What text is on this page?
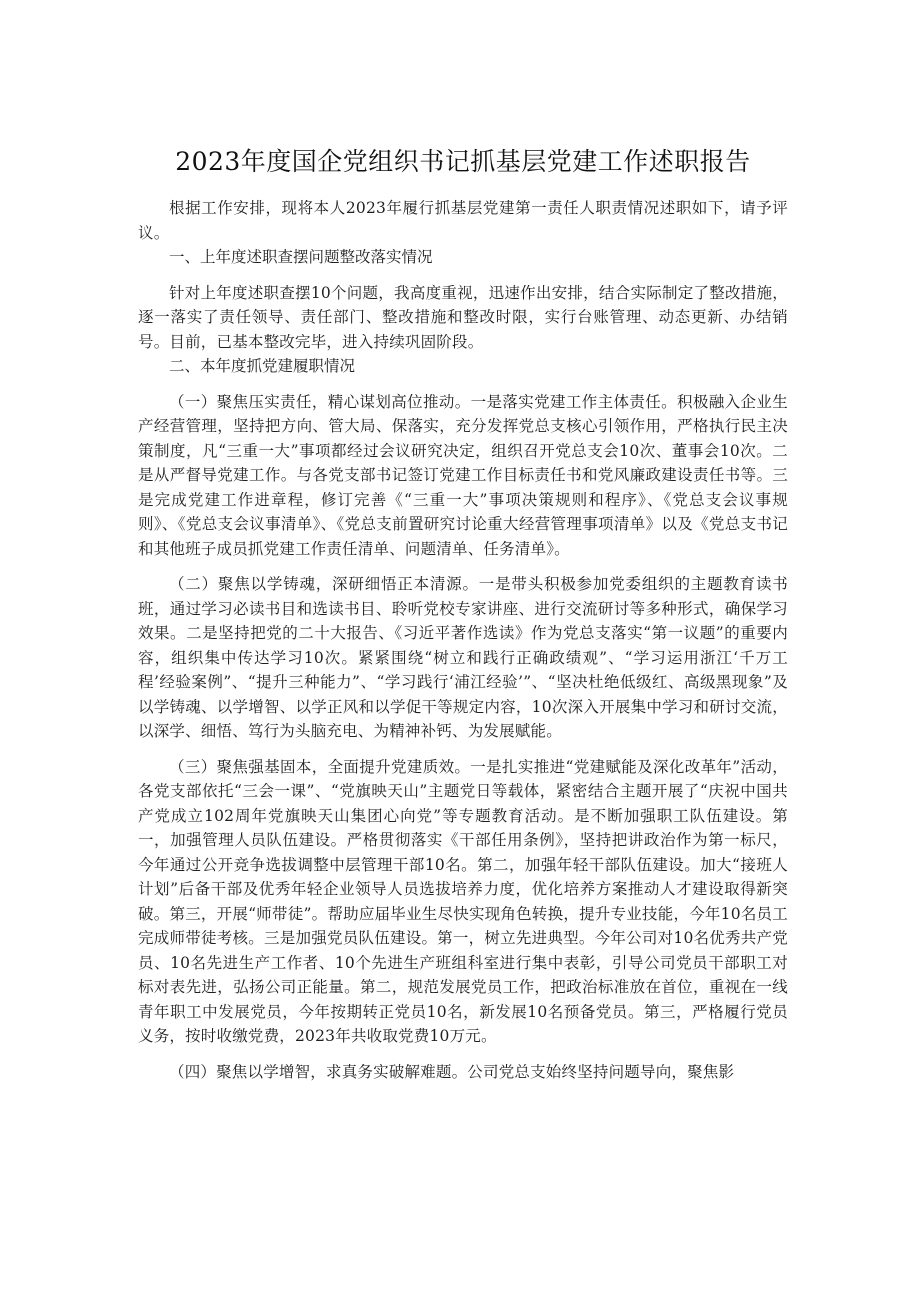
2023年度国企党组织书记抓基层党建工作述职报告

根据工作安排，现将本人2023年履行抓基层党建第一责任人职责情况述职如下，请予评议。

一、上年度述职查摆问题整改落实情况

针对上年度述职查摆10个问题，我高度重视，迅速作出安排，结合实际制定了整改措施，逐一落实了责任领导、责任部门、整改措施和整改时限，实行台账管理、动态更新、办结销号。目前，已基本整改完毕，进入持续巩固阶段。

二、本年度抓党建履职情况

（一）聚焦压实责任，精心谋划高位推动。一是落实党建工作主体责任。积极融入企业生产经营管理，坚持把方向、管大局、保落实，充分发挥党总支核心引领作用，严格执行民主决策制度，凡“三重一大”事项都经过会议研究决定，组织召开党总支会10次、董事会10次。二是从严督导党建工作。与各党支部书记签订党建工作目标责任书和党风廉政建设责任书等。三是完成党建工作进章程，修订完善《“三重一大”事项决策规则和程序》、《党总支会议事规则》、《党总支会议事清单》、《党总支前置研究讨论重大经营管理事项清单》以及《党总支书记和其他班子成员抓党建工作责任清单、问题清单、任务清单》。

（二）聚焦以学铸魂，深研细悟正本清源。一是带头积极参加党委组织的主题教育读书班，通过学习必读书目和选读书目、聆听党校专家讲座、进行交流研讨等多种形式，确保学习效果。二是坚持把党的二十大报告、《习近平著作选读》作为党总支落实“第一议题”的重要内容，组织集中传达学习10次。紧紧围绕“树立和践行正确政绩观”、“学习运用浙江‘千万工程’经验案例”、“提升三种能力”、“学习践行‘浦江经验’”、“坚决杜绝低级红、高级黑现象”及以学铸魂、以学增智、以学正风和以学促干等规定内容，10次深入开展集中学习和研讨交流，以深学、细悟、笃行为头脑充电、为精神补钙、为发展赋能。

（三）聚焦强基固本，全面提升党建质效。一是扎实推进“党建赋能及深化改革年”活动，各党支部依托“三会一课”、“党旗映天山”主题党日等载体，紧密结合主题开展了“庆祝中国共产党成立102周年党旗映天山集团心向党”等专题教育活动。是不断加强职工队伍建设。第一，加强管理人员队伍建设。严格贯彻落实《干部任用条例》，坚持把讲政治作为第一标尺，今年通过公开竞争选拔调整中层管理干部10名。第二，加强年轻干部队伍建设。加大“接班人计划”后备干部及优秀年轻企业领导人员选拔培养力度，优化培养方案推动人才建设取得新突破。第三，开展“师带徒”。帮助应届毕业生尽快实现角色转换，提升专业技能，今年10名员工完成师带徒考核。三是加强党员队伍建设。第一，树立先进典型。今年公司对10名优秀共产党员、10名先进生产工作者、10个先进生产班组科室进行集中表彰，引导公司党员干部职工对标对表先进，弘扬公司正能量。第二，规范发展党员工作，把政治标准放在首位，重视在一线青年职工中发展党员，今年按期转正党员10名，新发展10名预备党员。第三，严格履行党员义务，按时收缴党费，2023年共收取党费10万元。

（四）聚焦以学增智，求真务实破解难题。公司党总支始终坚持问题导向，聚焦影
